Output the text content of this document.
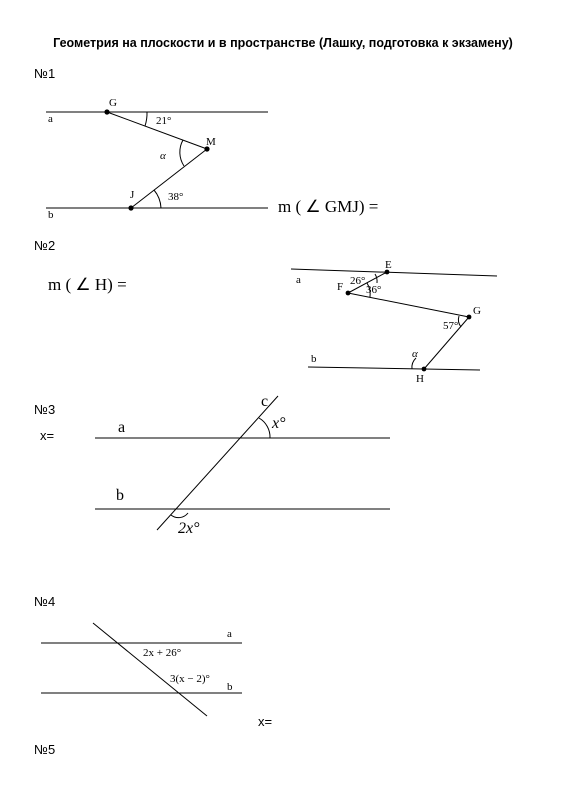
Геометрия на плоскости и в пространстве (Лашку, подготовка к экзамену)
№1
№2
№3
x=
№4
x=
№5
a
b
G
M
J
21°
α
38°	m ( ∠ GMJ) =
m ( ∠ H) =	a
b
E
F
G
H
26°
36°
57°
α
a
b
c
x°
2x°
a
b
2x + 26°
3(x − 2)°
